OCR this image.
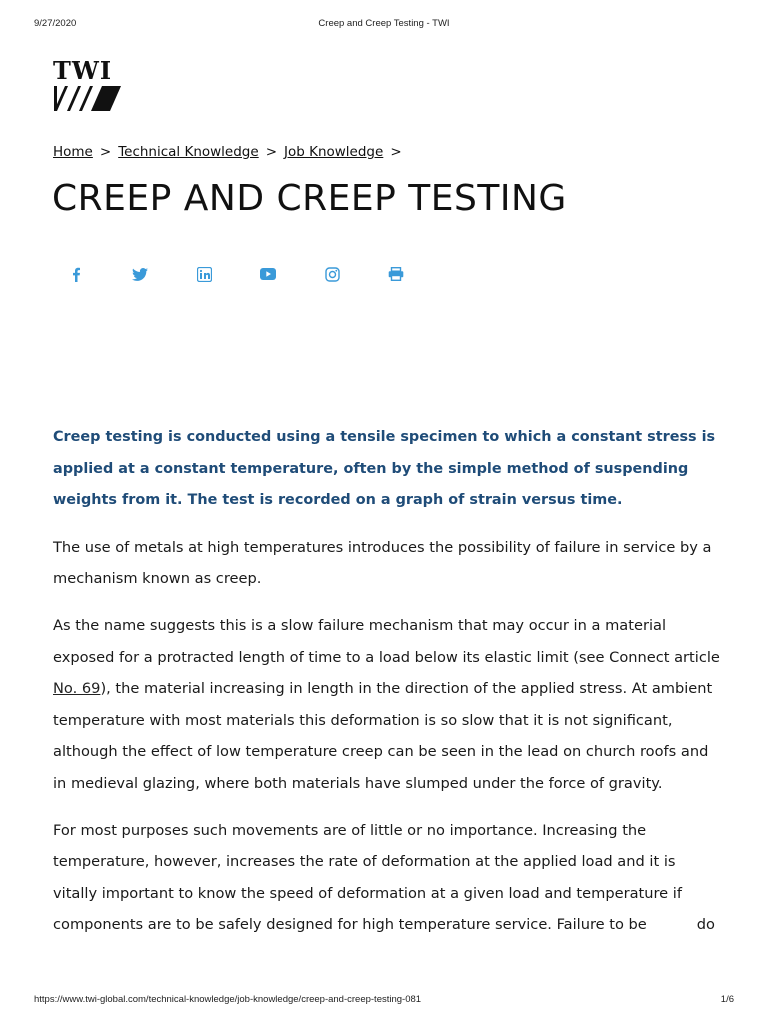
9/27/2020	Creep and Creep Testing - TWI
TWI
Home > Technical Knowledge > Job Knowledge >
CREEP AND CREEP TESTING

Creep testing is conducted using a tensile specimen to which a constant stress is applied at a constant temperature, often by the simple method of suspending weights from it. The test is recorded on a graph of strain versus time.

The use of metals at high temperatures introduces the possibility of failure in service by a mechanism known as creep.

As the name suggests this is a slow failure mechanism that may occur in a material exposed for a protracted length of time to a load below its elastic limit (see Connect article No. 69), the material increasing in length in the direction of the applied stress. At ambient temperature with most materials this deformation is so slow that it is not significant, although the effect of low temperature creep can be seen in the lead on church roofs and in medieval glazing, where both materials have slumped under the force of gravity.

For most purposes such movements are of little or no importance. Increasing the temperature, however, increases the rate of deformation at the applied load and it is vitally important to know the speed of deformation at a given load and temperature if components are to be safely designed for high temperature service. Failure to be	do

https://www.twi-global.com/technical-knowledge/job-knowledge/creep-and-creep-testing-081	1/6
